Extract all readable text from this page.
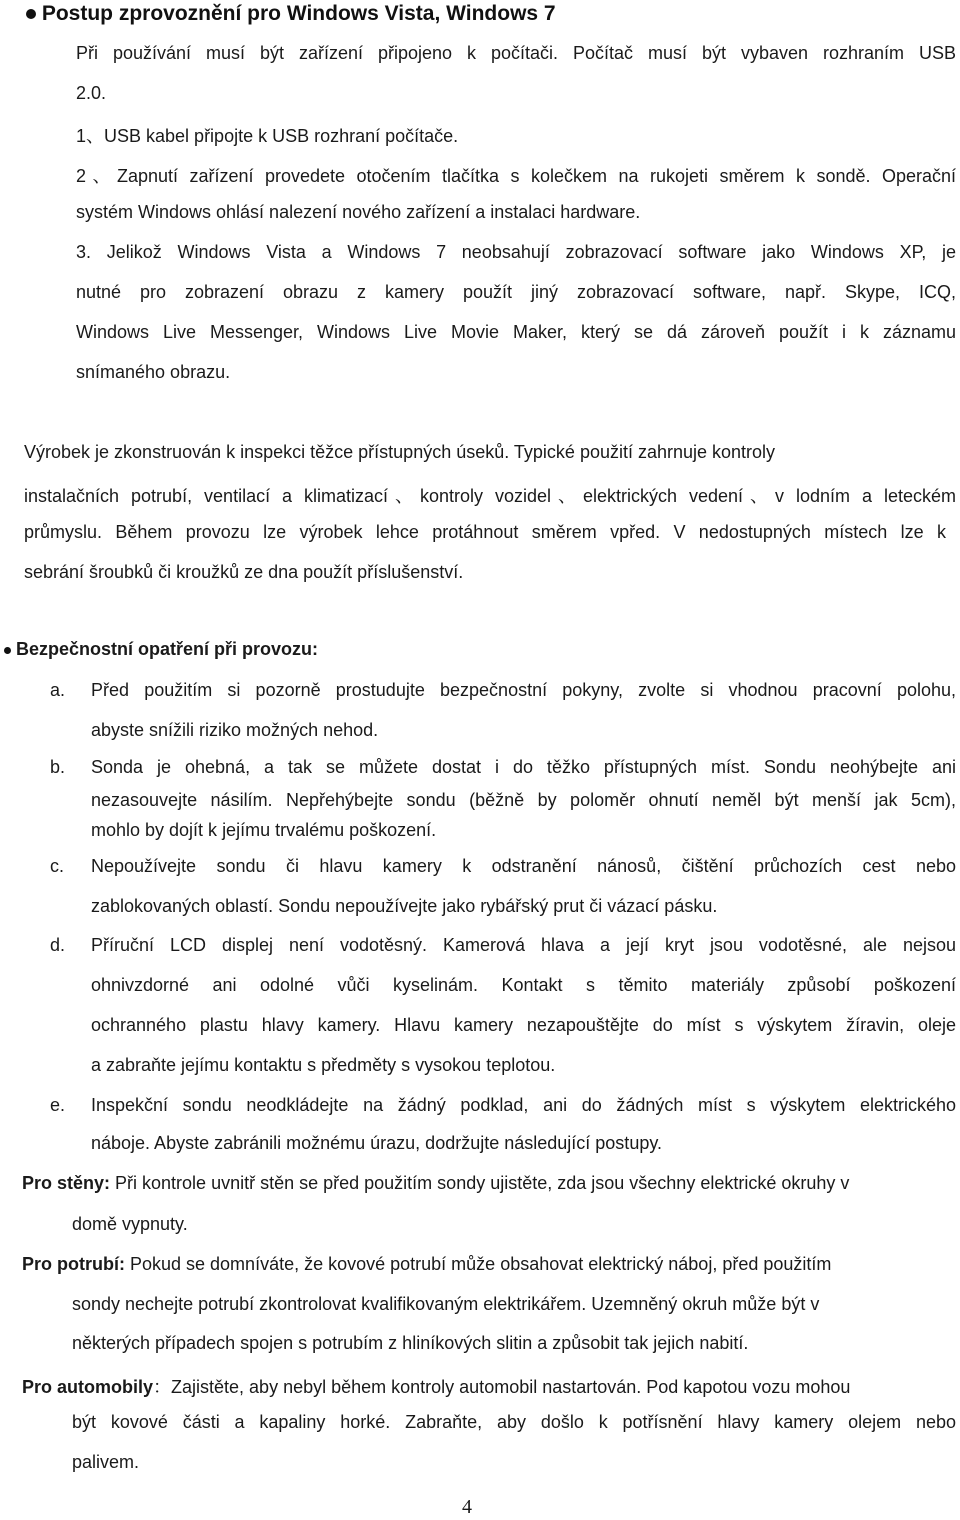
Postup zprovoznění pro Windows Vista, Windows 7
Při používání musí být zařízení připojeno k počítači. Počítač musí být vybaven rozhraním USB
2.0.
1、USB kabel připojte k USB rozhraní počítače.
2、Zapnutí zařízení provedete otočením tlačítka s kolečkem na rukojeti směrem k sondě. Operační
systém Windows ohlásí nalezení nového zařízení a instalaci hardware.
3. Jelikož Windows Vista a Windows 7 neobsahují zobrazovací software jako Windows XP, je
nutné pro zobrazení obrazu z kamery použít jiný zobrazovací software, např. Skype, ICQ,
Windows Live Messenger, Windows Live Movie Maker, který se dá zároveň použít i k záznamu
snímaného obrazu.
Výrobek je zkonstruován k inspekci těžce přístupných úseků. Typické použití zahrnuje kontroly
instalačních potrubí, ventilací a klimatizací、kontroly vozidel、elektrických vedení、v lodním a leteckém
průmyslu. Během provozu lze výrobek lehce protáhnout směrem vpřed. V nedostupných místech lze k
sebrání šroubků či kroužků ze dna použít příslušenství.
Bezpečnostní opatření při provozu:
a. Před použitím si pozorně prostudujte bezpečnostní pokyny, zvolte si vhodnou pracovní polohu,
abyste snížili riziko možných nehod.
b. Sonda je ohebná, a tak se můžete dostat i do těžko přístupných míst. Sondu neohýbejte ani
nezasouvejte násilím. Nepřehýbejte sondu (běžně by poloměr ohnutí neměl být menší jak 5cm),
mohlo by dojít k jejímu trvalému poškození.
c. Nepoužívejte sondu či hlavu kamery k odstranění nánosů, čištění průchozích cest nebo
zablokovaných oblastí. Sondu nepoužívejte jako rybářský prut či vázací pásku.
d. Příruční LCD displej není vodotěsný. Kamerová hlava a její kryt jsou vodotěsné, ale nejsou
ohnivzdorné ani odolné vůči kyselinám. Kontakt s těmito materiály způsobí poškození
ochranného plastu hlavy kamery. Hlavu kamery nezapouštějte do míst s výskytem žíravin, oleje
a zabraňte jejímu kontaktu s předměty s vysokou teplotou.
e. Inspekční sondu neodkládejte na žádný podklad, ani do žádných míst s výskytem elektrického
náboje. Abyste zabránili možnému úrazu, dodržujte následující postupy.
Pro stěny: Při kontrole uvnitř stěn se před použitím sondy ujistěte, zda jsou všechny elektrické okruhy v
domě vypnuty.
Pro potrubí: Pokud se domníváte, že kovové potrubí může obsahovat elektrický náboj, před použitím
sondy nechejte potrubí zkontrolovat kvalifikovaným elektrikářem. Uzemněný okruh může být v
některých případech spojen s potrubím z hliníkových slitin a způsobit tak jejich nabití.
Pro automobily：Zajistěte, aby nebyl během kontroly automobil nastartován. Pod kapotou vozu mohou
být kovové části a kapaliny horké. Zabraňte, aby došlo k potřísnění hlavy kamery olejem nebo
palivem.
4
